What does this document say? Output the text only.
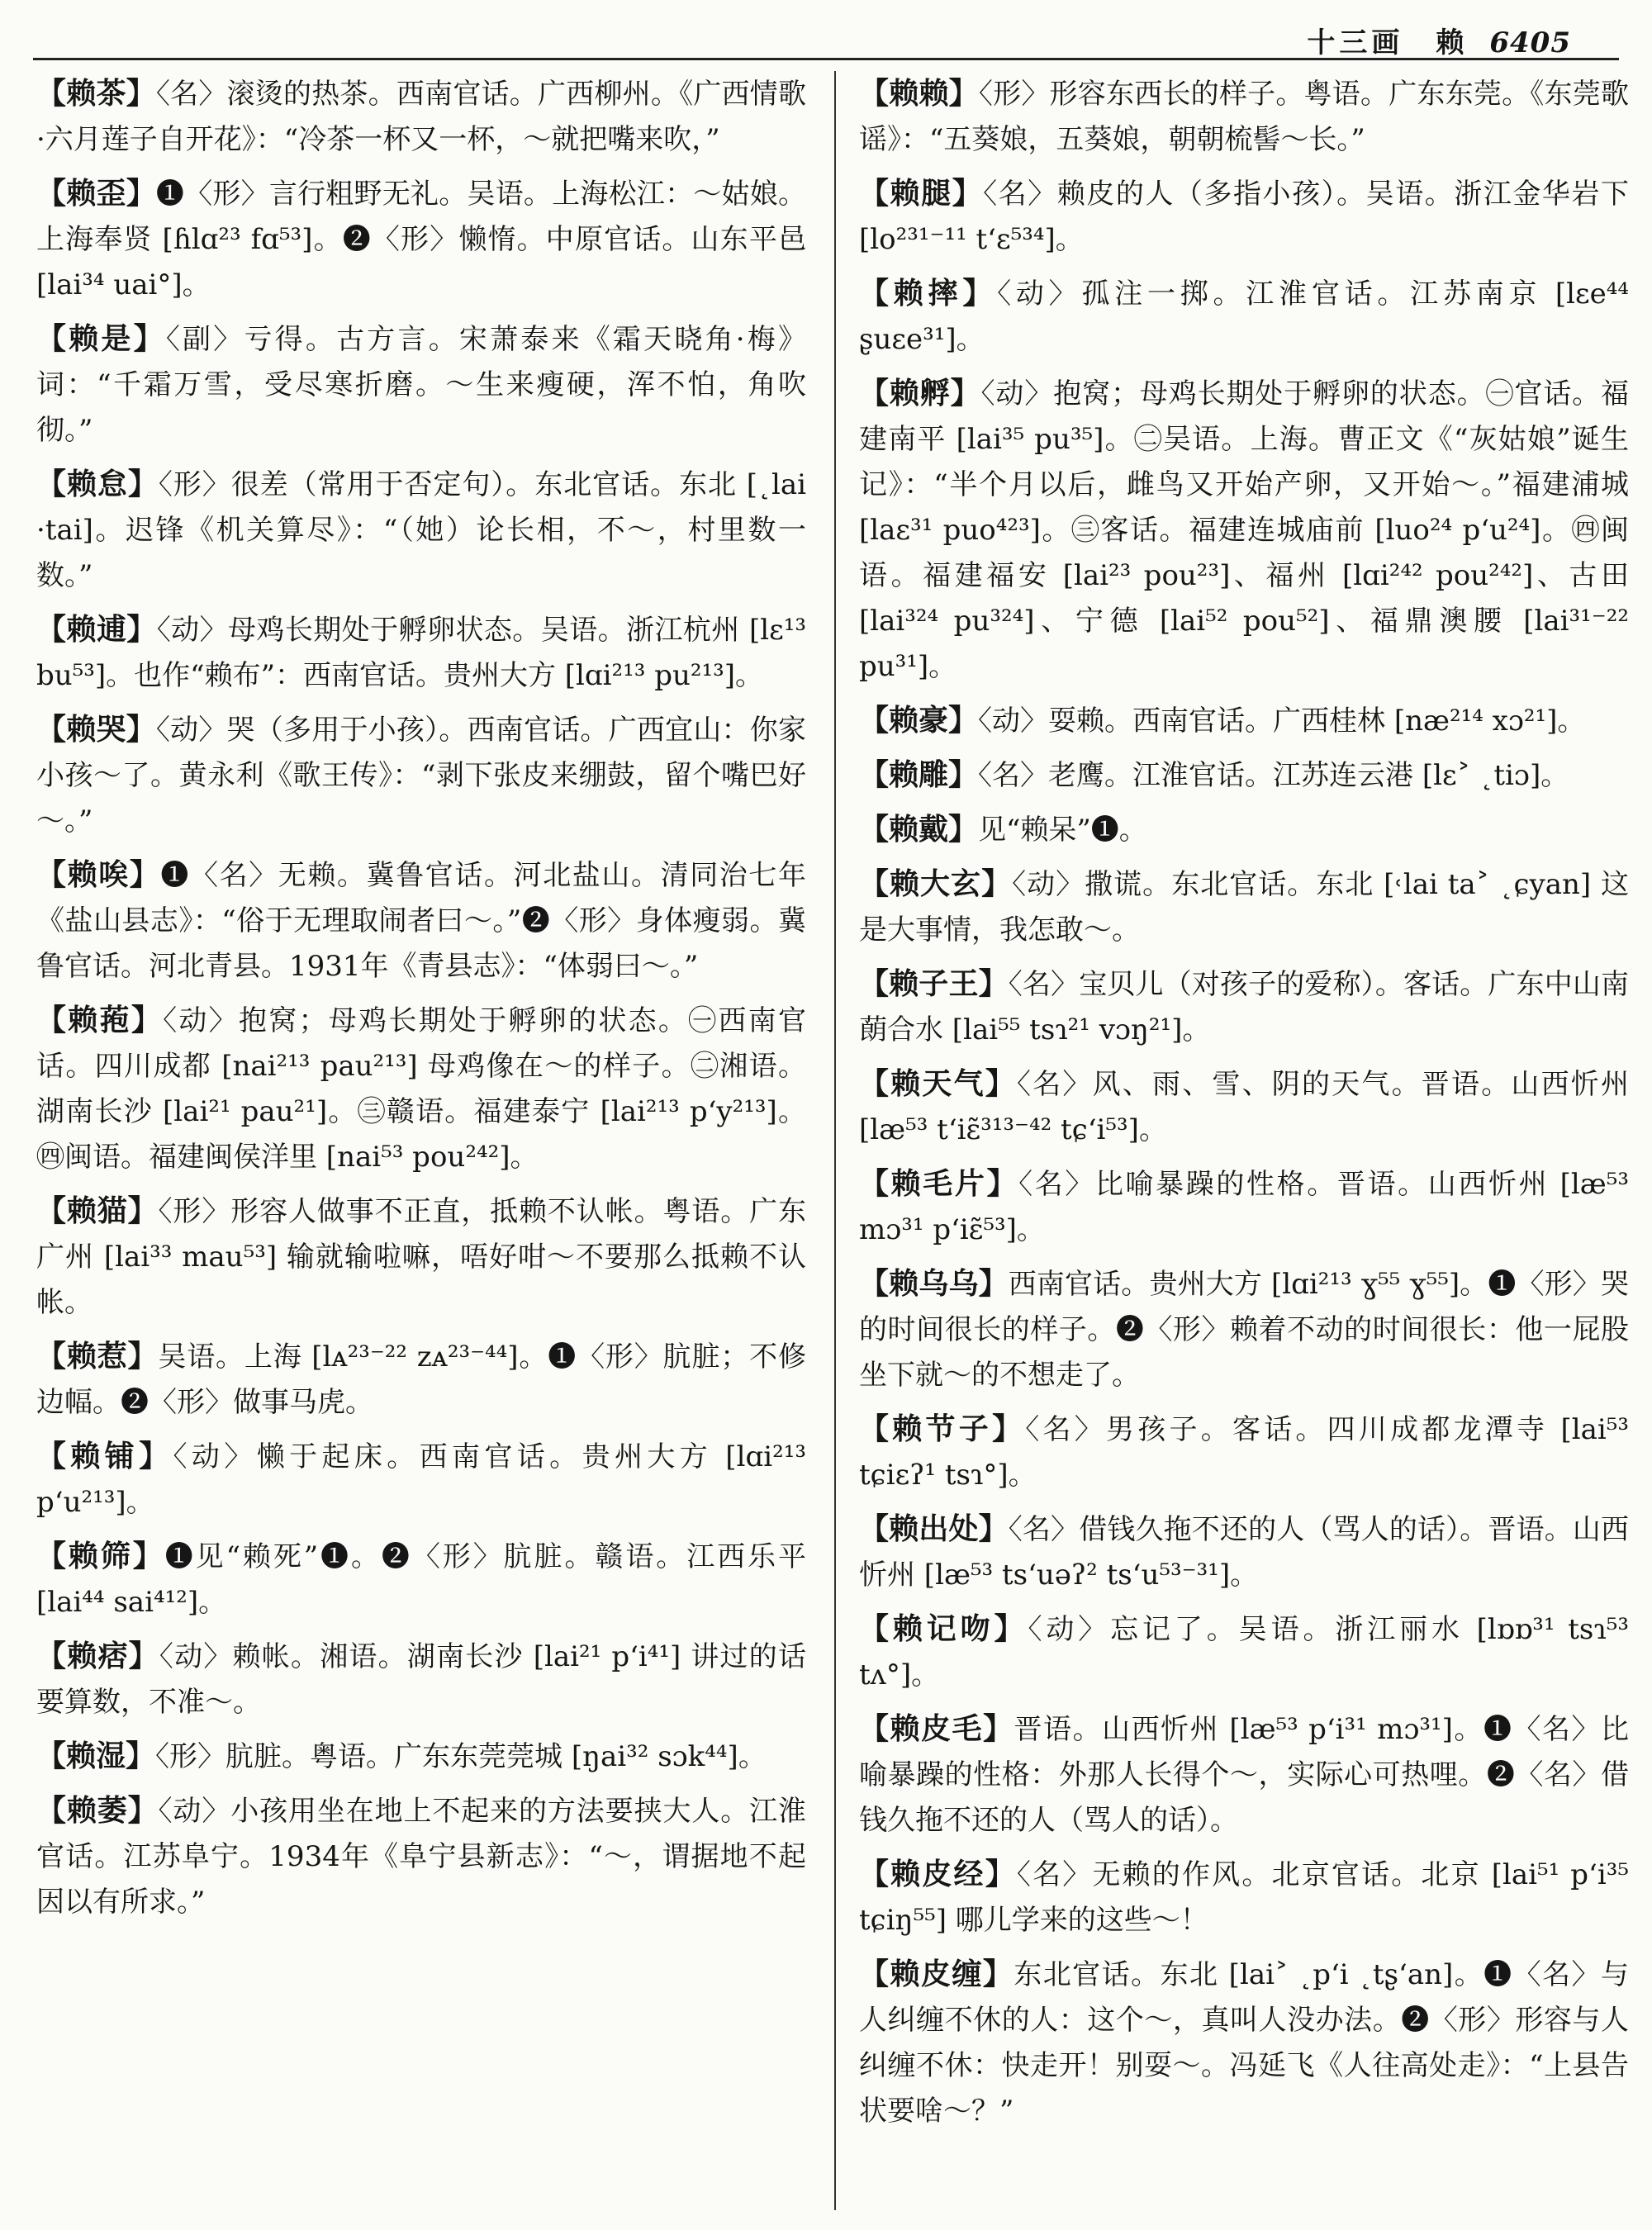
十三画　赖 6405

【赖茶】〈名〉滚烫的热茶。西南官话。广西柳州。《广西情歌·六月莲子自开花》：“冷茶一杯又一杯，～就把嘴来吹，”

【赖歪】❶〈形〉言行粗野无礼。吴语。上海松江：～姑娘。上海奉贤 [ɦlɑ²³ fɑ⁵³]。❷〈形〉懒惰。中原官话。山东平邑 [lai³⁴ uai°]。

【赖是】〈副〉亏得。古方言。宋萧泰来《霜天晓角·梅》词：“千霜万雪，受尽寒折磨。～生来瘦硬，浑不怕，角吹彻。”

【赖怠】〈形〉很差（常用于否定句）。东北官话。东北 [˛lai ·tai]。迟锋《机关算尽》：“（她）论长相，不～，村里数一数。”

【赖逋】〈动〉母鸡长期处于孵卵状态。吴语。浙江杭州 [lɛ¹³ bu⁵³]。也作“赖布”：西南官话。贵州大方 [lɑi²¹³ pu²¹³]。

【赖哭】〈动〉哭（多用于小孩）。西南官话。广西宜山：你家小孩～了。黄永利《歌王传》：“剥下张皮来绷鼓，留个嘴巴好～。”

【赖唉】❶〈名〉无赖。冀鲁官话。河北盐山。清同治七年《盐山县志》：“俗于无理取闹者曰～。”❷〈形〉身体瘦弱。冀鲁官话。河北青县。1931年《青县志》：“体弱曰～。”

【赖菢】〈动〉抱窝；母鸡长期处于孵卵的状态。㊀西南官话。四川成都 [nai²¹³ pau²¹³] 母鸡像在～的样子。㊁湘语。湖南长沙 [lai²¹ pau²¹]。㊂赣语。福建泰宁 [lai²¹³ p‘y²¹³]。㊃闽语。福建闽侯洋里 [nai⁵³ pou²⁴²]。

【赖猫】〈形〉形容人做事不正直，抵赖不认帐。粤语。广东广州 [lai³³ mau⁵³] 输就输啦嘛，唔好咁～不要那么抵赖不认帐。

【赖惹】吴语。上海 [lᴀ²³⁻²² zᴀ²³⁻⁴⁴]。❶〈形〉肮脏；不修边幅。❷〈形〉做事马虎。

【赖铺】〈动〉懒于起床。西南官话。贵州大方 [lɑi²¹³ p‘u²¹³]。

【赖筛】❶见“赖死”❶。❷〈形〉肮脏。赣语。江西乐平 [lai⁴⁴ sai⁴¹²]。

【赖痞】〈动〉赖帐。湘语。湖南长沙 [lai²¹ p‘i⁴¹] 讲过的话要算数，不准～。

【赖湿】〈形〉肮脏。粤语。广东东莞莞城 [ŋai³² sɔk⁴⁴]。

【赖萎】〈动〉小孩用坐在地上不起来的方法要挟大人。江淮官话。江苏阜宁。1934年《阜宁县新志》：“～，谓据地不起因以有所求。”

【赖赖】〈形〉形容东西长的样子。粤语。广东东莞。《东莞歌谣》：“五葵娘，五葵娘，朝朝梳髻～长。”

【赖腿】〈名〉赖皮的人（多指小孩）。吴语。浙江金华岩下 [lo²³¹⁻¹¹ t‘ɛ⁵³⁴]。

【赖摔】〈动〉孤注一掷。江淮官话。江苏南京 [lɛe⁴⁴ ʂuɛe³¹]。

【赖孵】〈动〉抱窝；母鸡长期处于孵卵的状态。㊀官话。福建南平 [lai³⁵ pu³⁵]。㊁吴语。上海。曹正文《“灰姑娘”诞生记》：“半个月以后，雌鸟又开始产卵，又开始～。”福建浦城 [laɛ³¹ puo⁴²³]。㊂客话。福建连城庙前 [luo²⁴ p‘u²⁴]。㊃闽语。福建福安 [lai²³ pou²³]、福州 [lɑi²⁴² pou²⁴²]、古田 [lai³²⁴ pu³²⁴]、宁德 [lai⁵² pou⁵²]、福鼎澳腰 [lai³¹⁻²² pu³¹]。

【赖豪】〈动〉耍赖。西南官话。广西桂林 [næ²¹⁴ xɔ²¹]。

【赖雕】〈名〉老鹰。江淮官话。江苏连云港 [lɛ˃ ˛tiɔ]。

【赖戴】见“赖呆”❶。

【赖大玄】〈动〉撒谎。东北官话。东北 [˓lai ta˃ ˛ɕyan] 这是大事情，我怎敢～。

【赖子王】〈名〉宝贝儿（对孩子的爱称）。客话。广东中山南蓢合水 [lai⁵⁵ tsɿ²¹ vɔŋ²¹]。

【赖天气】〈名〉风、雨、雪、阴的天气。晋语。山西忻州 [læ⁵³ t‘iɛ̃³¹³⁻⁴² tɕ‘i⁵³]。

【赖毛片】〈名〉比喻暴躁的性格。晋语。山西忻州 [læ⁵³ mɔ³¹ p‘iɛ̃⁵³]。

【赖乌乌】西南官话。贵州大方 [lɑi²¹³ ɣ⁵⁵ ɣ⁵⁵]。❶〈形〉哭的时间很长的样子。❷〈形〉赖着不动的时间很长：他一屁股坐下就～的不想走了。

【赖节子】〈名〉男孩子。客话。四川成都龙潭寺 [lai⁵³ tɕiɛʔ¹ tsɿ°]。

【赖出处】〈名〉借钱久拖不还的人（骂人的话）。晋语。山西忻州 [læ⁵³ ts‘uəʔ² ts‘u⁵³⁻³¹]。

【赖记吻】〈动〉忘记了。吴语。浙江丽水 [lɒɒ³¹ tsɿ⁵³ tʌ°]。

【赖皮毛】晋语。山西忻州 [læ⁵³ p‘i³¹ mɔ³¹]。❶〈名〉比喻暴躁的性格：外那人长得个～，实际心可热哩。❷〈名〉借钱久拖不还的人（骂人的话）。

【赖皮经】〈名〉无赖的作风。北京官话。北京 [lai⁵¹ p‘i³⁵ tɕiŋ⁵⁵] 哪儿学来的这些～！

【赖皮缠】东北官话。东北 [lai˃ ˛p‘i ˛tʂ‘an]。❶〈名〉与人纠缠不休的人：这个～，真叫人没办法。❷〈形〉形容与人纠缠不休：快走开！别耍～。冯延飞《人往高处走》：“上县告状要啥～？”
